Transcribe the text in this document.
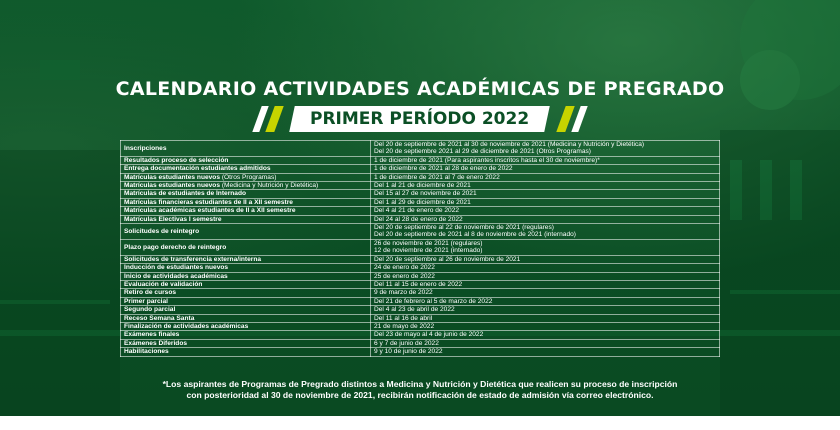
CALENDARIO ACTIVIDADES ACADÉMICAS DE PREGRADO
PRIMER PERÍODO 2022
Inscripciones	Del 20 de septiembre de 2021 al 30 de noviembre de 2021 (Medicina y Nutrición y Dietética)
Del 20 de septiembre 2021 al 29 de diciembre de 2021 (Otros Programas)

Resultados proceso de selección	1 de diciembre de 2021 (Para aspirantes inscritos hasta el 30 de noviembre)*

Entrega documentación estudiantes admitidos	1 de diciembre de 2021 al 28 de enero de 2022

Matrículas estudiantes nuevos (Otros Programas)	1 de diciembre de 2021 al 7 de enero 2022

Matrículas estudiantes nuevos (Medicina y Nutrición y Dietética)	Del 1 al 21 de diciembre de 2021

Matrículas de estudiantes de Internado	Del 15 al 27 de noviembre de 2021

Matrículas financieras estudiantes de II a XII semestre	Del 1 al 29 de diciembre de 2021

Matrículas académicas estudiantes de II a XII semestre	Del 4 al 21 de enero de 2022

Matrículas Electivas I semestre	Del 24 al 28 de enero de 2022

Solicitudes de reintegro	Del 20 de septiembre al 22 de noviembre de 2021 (regulares)
Del 20 de septiembre de 2021 al 8 de noviembre de 2021 (internado)

Plazo pago derecho de reintegro	26 de noviembre de 2021 (regulares)
12 de noviembre de 2021 (internado)

Solicitudes de transferencia externa/interna	Del 20 de septiembre al 26 de noviembre de 2021

Inducción de estudiantes nuevos	24 de enero de 2022

Inicio de actividades académicas	25 de enero de 2022

Evaluación de validación	Del 11 al 15 de enero de 2022

Retiro de cursos	9 de marzo de 2022

Primer parcial	Del 21 de febrero al 5 de marzo de 2022

Segundo parcial	Del 4 al 23 de abril de 2022

Receso Semana Santa	Del 11 al 16 de abril

Finalización de actividades académicas	21 de mayo de 2022

Exámenes finales	Del 23 de mayo al 4 de junio de 2022

Exámenes Diferidos	6 y 7 de junio de 2022

Habilitaciones	9 y 10 de junio de 2022
*Los aspirantes de Programas de Pregrado distintos a Medicina y Nutrición y Dietética que realicen su proceso de inscripción
con posterioridad al 30 de noviembre de 2021, recibirán notificación de estado de admisión vía correo electrónico.
